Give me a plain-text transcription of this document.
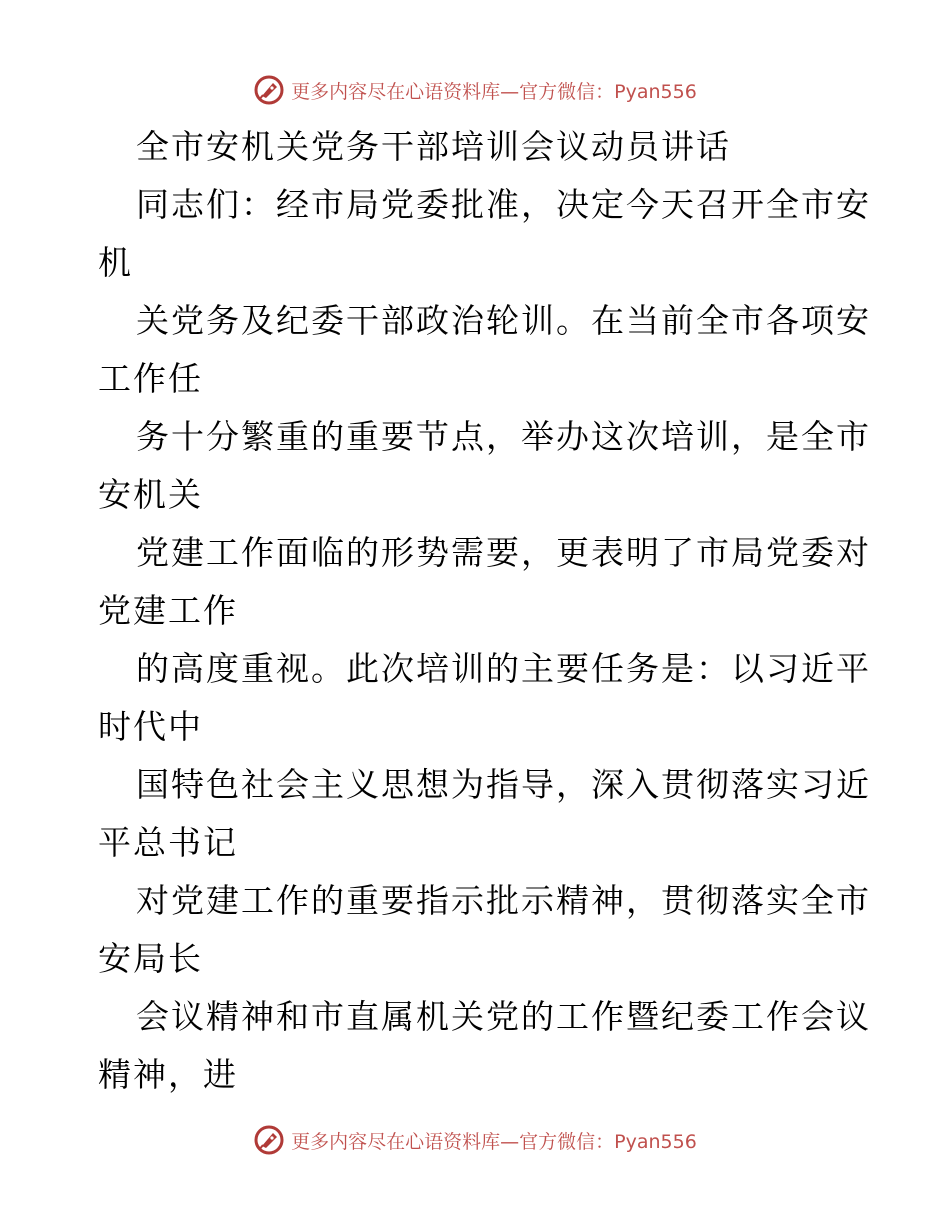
更多内容尽在心语资料库—官方微信：Pyan556
全市安机关党务干部培训会议动员讲话
同志们：经市局党委批准，决定今天召开全市安
机
关党务及纪委干部政治轮训。在当前全市各项安
工作任
务十分繁重的重要节点，举办这次培训，是全市
安机关
党建工作面临的形势需要，更表明了市局党委对
党建工作
的高度重视。此次培训的主要任务是：以习近平
时代中
国特色社会主义思想为指导，深入贯彻落实习近
平总书记
对党建工作的重要指示批示精神，贯彻落实全市
安局长
会议精神和市直属机关党的工作暨纪委工作会议
精神，进
更多内容尽在心语资料库—官方微信：Pyan556
